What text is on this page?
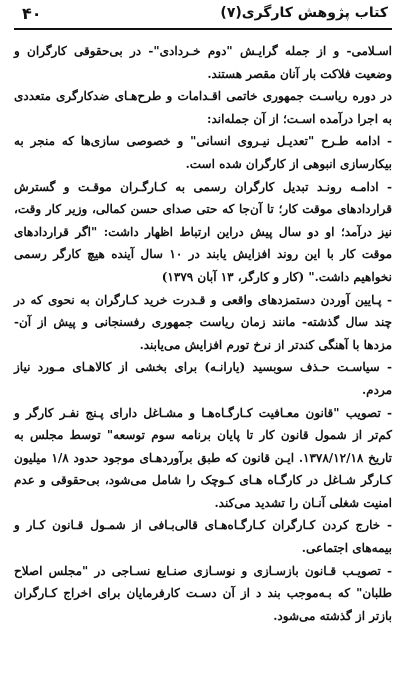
کتاب پژوهش کارگری(۷)
۴۰

اسـلامی- و از جمله گرایـش "دوم خـردادی"- در بی‌حقوقی کارگران و وضعیت فلاکت بار آنان مقصر هستند.

در دوره ریاسـت جمهوری خاتمی اقـدامات و طرح‌هـای ضدکارگری متعددی به اجرا درآمده اسـت؛ از آن جمله‌اند:

- ادامه طـرح "تعدیـل نیـروی انسانی" و خصوصی سازی‌ها که منجر به بیکارسازی انبوهی از کارگران شده است.

- ادامـه رونـد تبدیل کارگران رسمی به کـارگـران موقـت و گسترش قراردادهای موقت کار؛ تا آن‌جا که حتی صدای حسن کمالی، وزیر کار وقت، نیز درآمد؛ او دو سال پیش دراین ارتباط اظهار داشت: "اگر قراردادهای موقت کار با این روند افزایش یابند در ۱۰ سال آینده هیچ کارگر رسمی نخواهیم داشت." (کار و کارگر، ۱۳ آبان ۱۳۷۹)

- پـایین آوردن دستمزدهای واقعی و قـدرت خرید کـارگران به نحوی که در چند سال گذشته- مانند زمان ریاست جمهوری رفسنجانی و پیش از آن- مزدها با آهنگی کندتر از نرخ تورم افزایش می‌یابند.

- سیاسـت حـذف سوبسید (یارانـه) برای بخشی از کالاهـای مـورد نیاز مردم.

- تصویب "قانون معـافیت کـارگـاه‌هـا و مشـاغل دارای پـنج نفـر کارگر و کم‌تر از شمول قانون کار تا پایان برنامه سوم توسعه" توسط مجلس به تاریخ ۱۳۷۸/۱۲/۱۸. ایـن قانون که طبق برآوردهـای موجود حدود ۱/۸ میلیون کـارگر شـاغل در کارگـاه‌ هـای کـوچک را شامل می‌شود، بی‌حقوقی و عدم امنیت شغلی آنـان را تشدید می‌کند.

- خارج کردن کـارگران کـارگـاه‌هـای قالی‌بـافی از شمـول قـانون کـار و بیمه‌های اجتماعی.

- تصویـب قـانون بازسـازی و نوسـازی صنـایع نسـاجی در "مجلس اصلاح طلبان" که بـه‌موجب بند د از آن دسـت کارفرمایان برای اخراج کـارگران بازتر از گذشته می‌شود.
